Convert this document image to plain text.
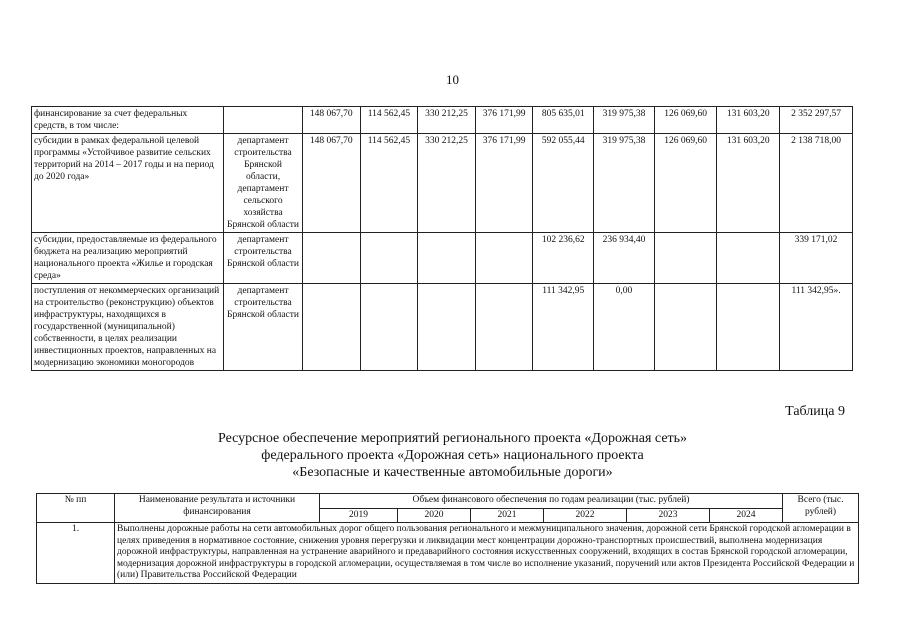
10
финансирование за счет федеральных средств, в том числе:		148 067,70	114 562,45	330 212,25	376 171,99	805 635,01	319 975,38	126 069,60	131 603,20	2 352 297,57
субсидии в рамках федеральной целевой программы «Устойчивое развитие сельских территорий на 2014 – 2017 годы и на период до 2020 года»	департамент строительства Брянской области, департамент сельского хозяйства Брянской области	148 067,70	114 562,45	330 212,25	376 171,99	592 055,44	319 975,38	126 069,60	131 603,20	2 138 718,00
субсидии, предоставляемые из федерального бюджета на реализацию мероприятий национального проекта «Жилье и городская среда»	департамент строительства Брянской области					102 236,62	236 934,40			339 171,02
поступления от некоммерческих организаций на строительство (реконструкцию) объектов инфраструктуры, находящихся в государственной (муниципальной) собственности, в целях реализации инвестиционных проектов, направленных на модернизацию экономики моногородов	департамент строительства Брянской области					111 342,95	0,00			111 342,95».
Таблица 9
Ресурсное обеспечение мероприятий регионального проекта «Дорожная сеть»
федерального проекта «Дорожная сеть» национального проекта
«Безопасные и качественные автомобильные дороги»
№ пп	Наименование результата и источники финансирования	Объем финансового обеспечения по годам реализации (тыс. рублей)						Всего (тыс. рублей)
		2019	2020	2021	2022	2023	2024	
1.	Выполнены дорожные работы на сети автомобильных дорог общего пользования регионального и межмуниципального значения, дорожной сети Брянской городской агломерации в целях приведения в нормативное состояние, снижения уровня перегрузки и ликвидации мест концентрации дорожно-транспортных происшествий, выполнена модернизация дорожной инфраструктуры, направленная на устранение аварийного и предаварийного состояния искусственных сооружений, входящих в состав Брянской городской агломерации, модернизация дорожной инфраструктуры в городской агломерации, осуществляемая в том числе во исполнение указаний, поручений или актов Президента Российской Федерации и (или) Правительства Российской Федерации							
